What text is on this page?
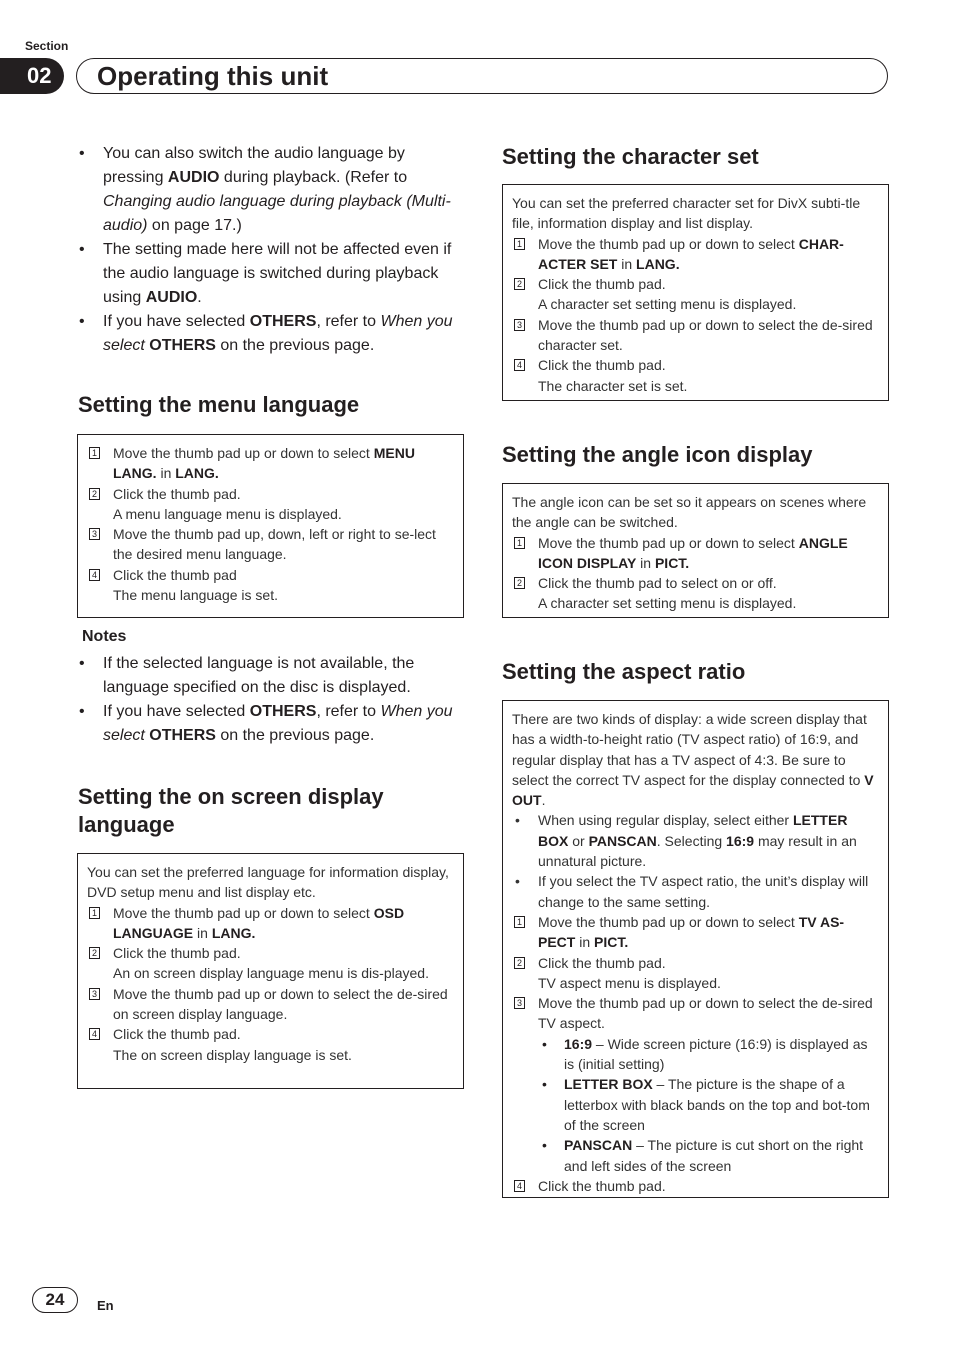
Section
02	Operating this unit
• You can also switch the audio language by pressing AUDIO during playback. (Refer to Changing audio language during playback (Multi-audio) on page 17.)
• The setting made here will not be affected even if the audio language is switched during playback using AUDIO.
• If you have selected OTHERS, refer to When you select OTHERS on the previous page.
Setting the menu language
1 Move the thumb pad up or down to select MENU LANG. in LANG.
2 Click the thumb pad.
A menu language menu is displayed.
3 Move the thumb pad up, down, left or right to se-lect the desired menu language.
4 Click the thumb pad
The menu language is set.
Notes
• If the selected language is not available, the language specified on the disc is displayed.
• If you have selected OTHERS, refer to When you select OTHERS on the previous page.
Setting the on screen display language
You can set the preferred language for information display, DVD setup menu and list display etc.
1 Move the thumb pad up or down to select OSD LANGUAGE in LANG.
2 Click the thumb pad.
An on screen display language menu is dis-played.
3 Move the thumb pad up or down to select the de-sired on screen display language.
4 Click the thumb pad.
The on screen display language is set.
Setting the character set
You can set the preferred character set for DivX subti-tle file, information display and list display.
1 Move the thumb pad up or down to select CHAR-ACTER SET in LANG.
2 Click the thumb pad.
A character set setting menu is displayed.
3 Move the thumb pad up or down to select the de-sired character set.
4 Click the thumb pad.
The character set is set.
Setting the angle icon display
The angle icon can be set so it appears on scenes where the angle can be switched.
1 Move the thumb pad up or down to select ANGLE ICON DISPLAY in PICT.
2 Click the thumb pad to select on or off.
A character set setting menu is displayed.
Setting the aspect ratio
There are two kinds of display: a wide screen display that has a width-to-height ratio (TV aspect ratio) of 16:9, and regular display that has a TV aspect of 4:3. Be sure to select the correct TV aspect for the display connected to V OUT.
• When using regular display, select either LETTER BOX or PANSCAN. Selecting 16:9 may result in an unnatural picture.
• If you select the TV aspect ratio, the unit’s display will change to the same setting.
1 Move the thumb pad up or down to select TV AS-PECT in PICT.
2 Click the thumb pad.
TV aspect menu is displayed.
3 Move the thumb pad up or down to select the de-sired TV aspect.
• 16:9 – Wide screen picture (16:9) is displayed as is (initial setting)
• LETTER BOX – The picture is the shape of a letterbox with black bands on the top and bot-tom of the screen
• PANSCAN – The picture is cut short on the right and left sides of the screen
4 Click the thumb pad.
24	En
